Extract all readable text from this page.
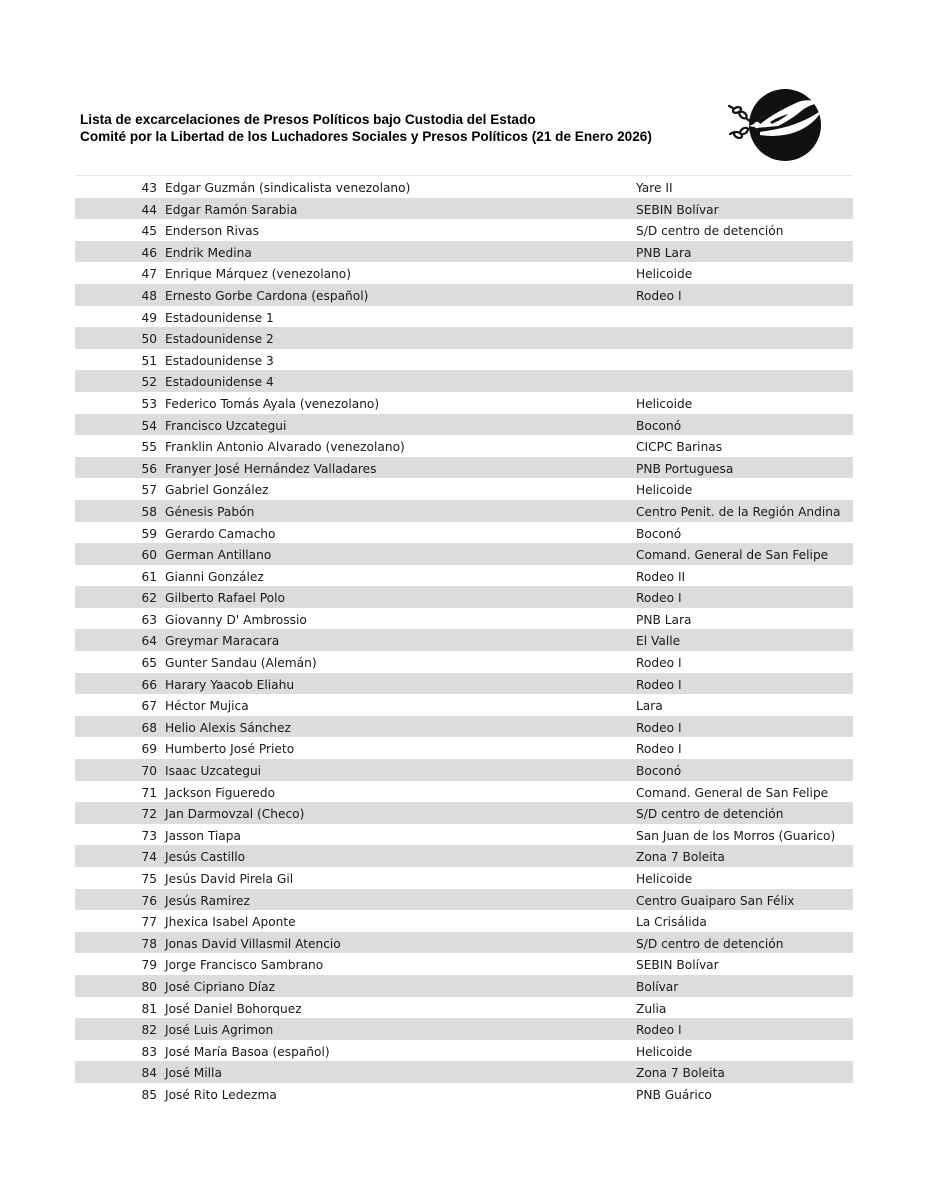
Lista de excarcelaciones de Presos Políticos bajo Custodia del Estado
Comité por la Libertad de los Luchadores Sociales y Presos Políticos (21 de Enero 2026)
43 Edgar Guzmán (sindicalista venezolano)	Yare II
44 Edgar Ramón Sarabia	SEBIN Bolívar
45 Enderson Rivas	S/D centro de detención
46 Endrik Medina	PNB Lara
47 Enrique Márquez (venezolano)	Helicoide
48 Ernesto Gorbe Cardona (español)	Rodeo I
49 Estadounidense 1
50 Estadounidense 2
51 Estadounidense 3
52 Estadounidense 4
53 Federico Tomás Ayala (venezolano)	Helicoide
54 Francisco Uzcategui	Boconó
55 Franklin Antonio Alvarado (venezolano)	CICPC Barinas
56 Franyer José Hernández Valladares	PNB Portuguesa
57 Gabriel González	Helicoide
58 Génesis Pabón	Centro Penit. de la Región Andina
59 Gerardo Camacho	Boconó
60 German Antillano	Comand. General de San Felipe
61 Gianni González	Rodeo II
62 Gilberto Rafael Polo	Rodeo I
63 Giovanny D' Ambrossio	PNB Lara
64 Greymar Maracara	El Valle
65 Gunter Sandau (Alemán)	Rodeo I
66 Harary Yaacob Eliahu	Rodeo I
67 Héctor Mujica	Lara
68 Helio Alexis Sánchez	Rodeo I
69 Humberto José Prieto	Rodeo I
70 Isaac Uzcategui	Boconó
71 Jackson Figueredo	Comand. General de San Felipe
72 Jan Darmovzal (Checo)	S/D centro de detención
73 Jasson Tiapa	San Juan de los Morros (Guarico)
74 Jesús Castillo	Zona 7 Boleita
75 Jesús David Pirela Gil	Helicoide
76 Jesús Ramirez	Centro Guaiparo San Félix
77 Jhexica Isabel Aponte	La Crisálida
78 Jonas David Villasmil Atencio	S/D centro de detención
79 Jorge Francisco Sambrano	SEBIN Bolívar
80 José Cipriano Díaz	Bolívar
81 José Daniel Bohorquez	Zulia
82 José Luis Agrimon	Rodeo I
83 José María Basoa (español)	Helicoide
84 José Milla	Zona 7 Boleita
85 José Rito Ledezma	PNB Guárico
